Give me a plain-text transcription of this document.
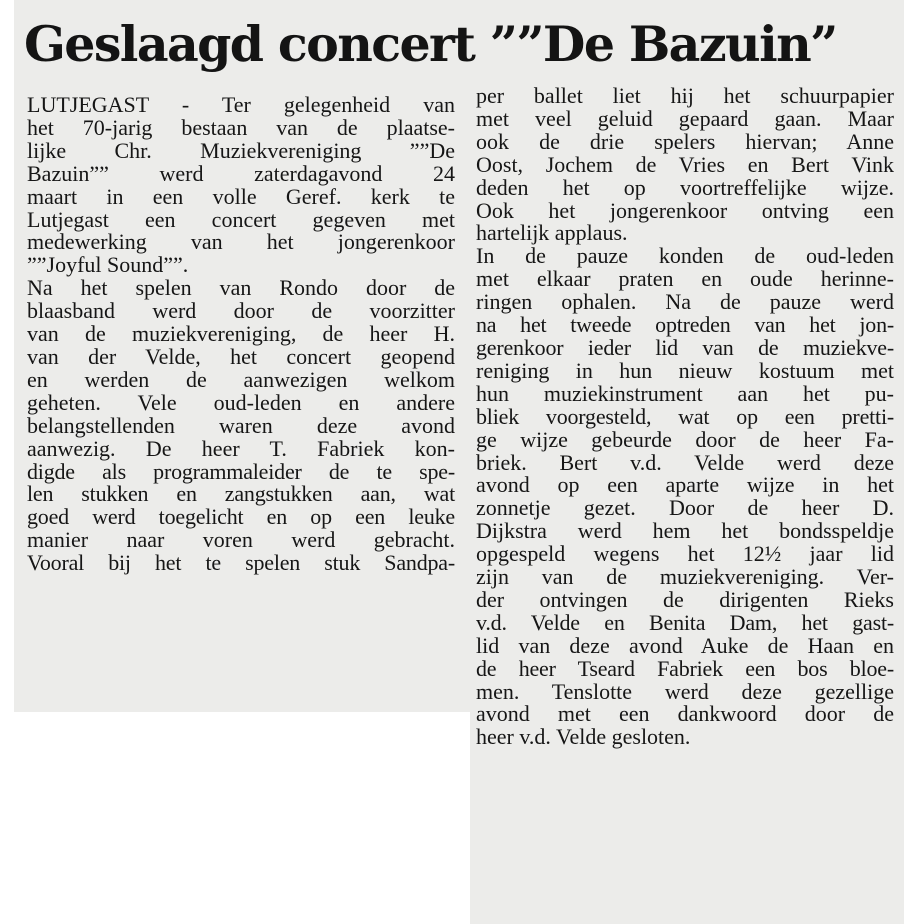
Geslaagd concert ””De Bazuin”
LUTJEGAST - Ter gelegenheid van
het 70-jarig bestaan van de plaatse-
lijke Chr. Muziekvereniging ””De
Bazuin”” werd zaterdagavond 24
maart in een volle Geref. kerk te
Lutjegast een concert gegeven met
medewerking van het jongerenkoor
””Joyful Sound””.
Na het spelen van Rondo door de
blaasband werd door de voorzitter
van de muziekvereniging, de heer H.
van der Velde, het concert geopend
en werden de aanwezigen welkom
geheten. Vele oud-leden en andere
belangstellenden waren deze avond
aanwezig. De heer T. Fabriek kon-
digde als programmaleider de te spe-
len stukken en zangstukken aan, wat
goed werd toegelicht en op een leuke
manier naar voren werd gebracht.
Vooral bij het te spelen stuk Sandpa-
per ballet liet hij het schuurpapier
met veel geluid gepaard gaan. Maar
ook de drie spelers hiervan; Anne
Oost, Jochem de Vries en Bert Vink
deden het op voortreffelijke wijze.
Ook het jongerenkoor ontving een
hartelijk applaus.
In de pauze konden de oud-leden
met elkaar praten en oude herinne-
ringen ophalen. Na de pauze werd
na het tweede optreden van het jon-
gerenkoor ieder lid van de muziekve-
reniging in hun nieuw kostuum met
hun muziekinstrument aan het pu-
bliek voorgesteld, wat op een pretti-
ge wijze gebeurde door de heer Fa-
briek. Bert v.d. Velde werd deze
avond op een aparte wijze in het
zonnetje gezet. Door de heer D.
Dijkstra werd hem het bondsspeldje
opgespeld wegens het 12½ jaar lid
zijn van de muziekvereniging. Ver-
der ontvingen de dirigenten Rieks
v.d. Velde en Benita Dam, het gast-
lid van deze avond Auke de Haan en
de heer Tseard Fabriek een bos bloe-
men. Tenslotte werd deze gezellige
avond met een dankwoord door de
heer v.d. Velde gesloten.
